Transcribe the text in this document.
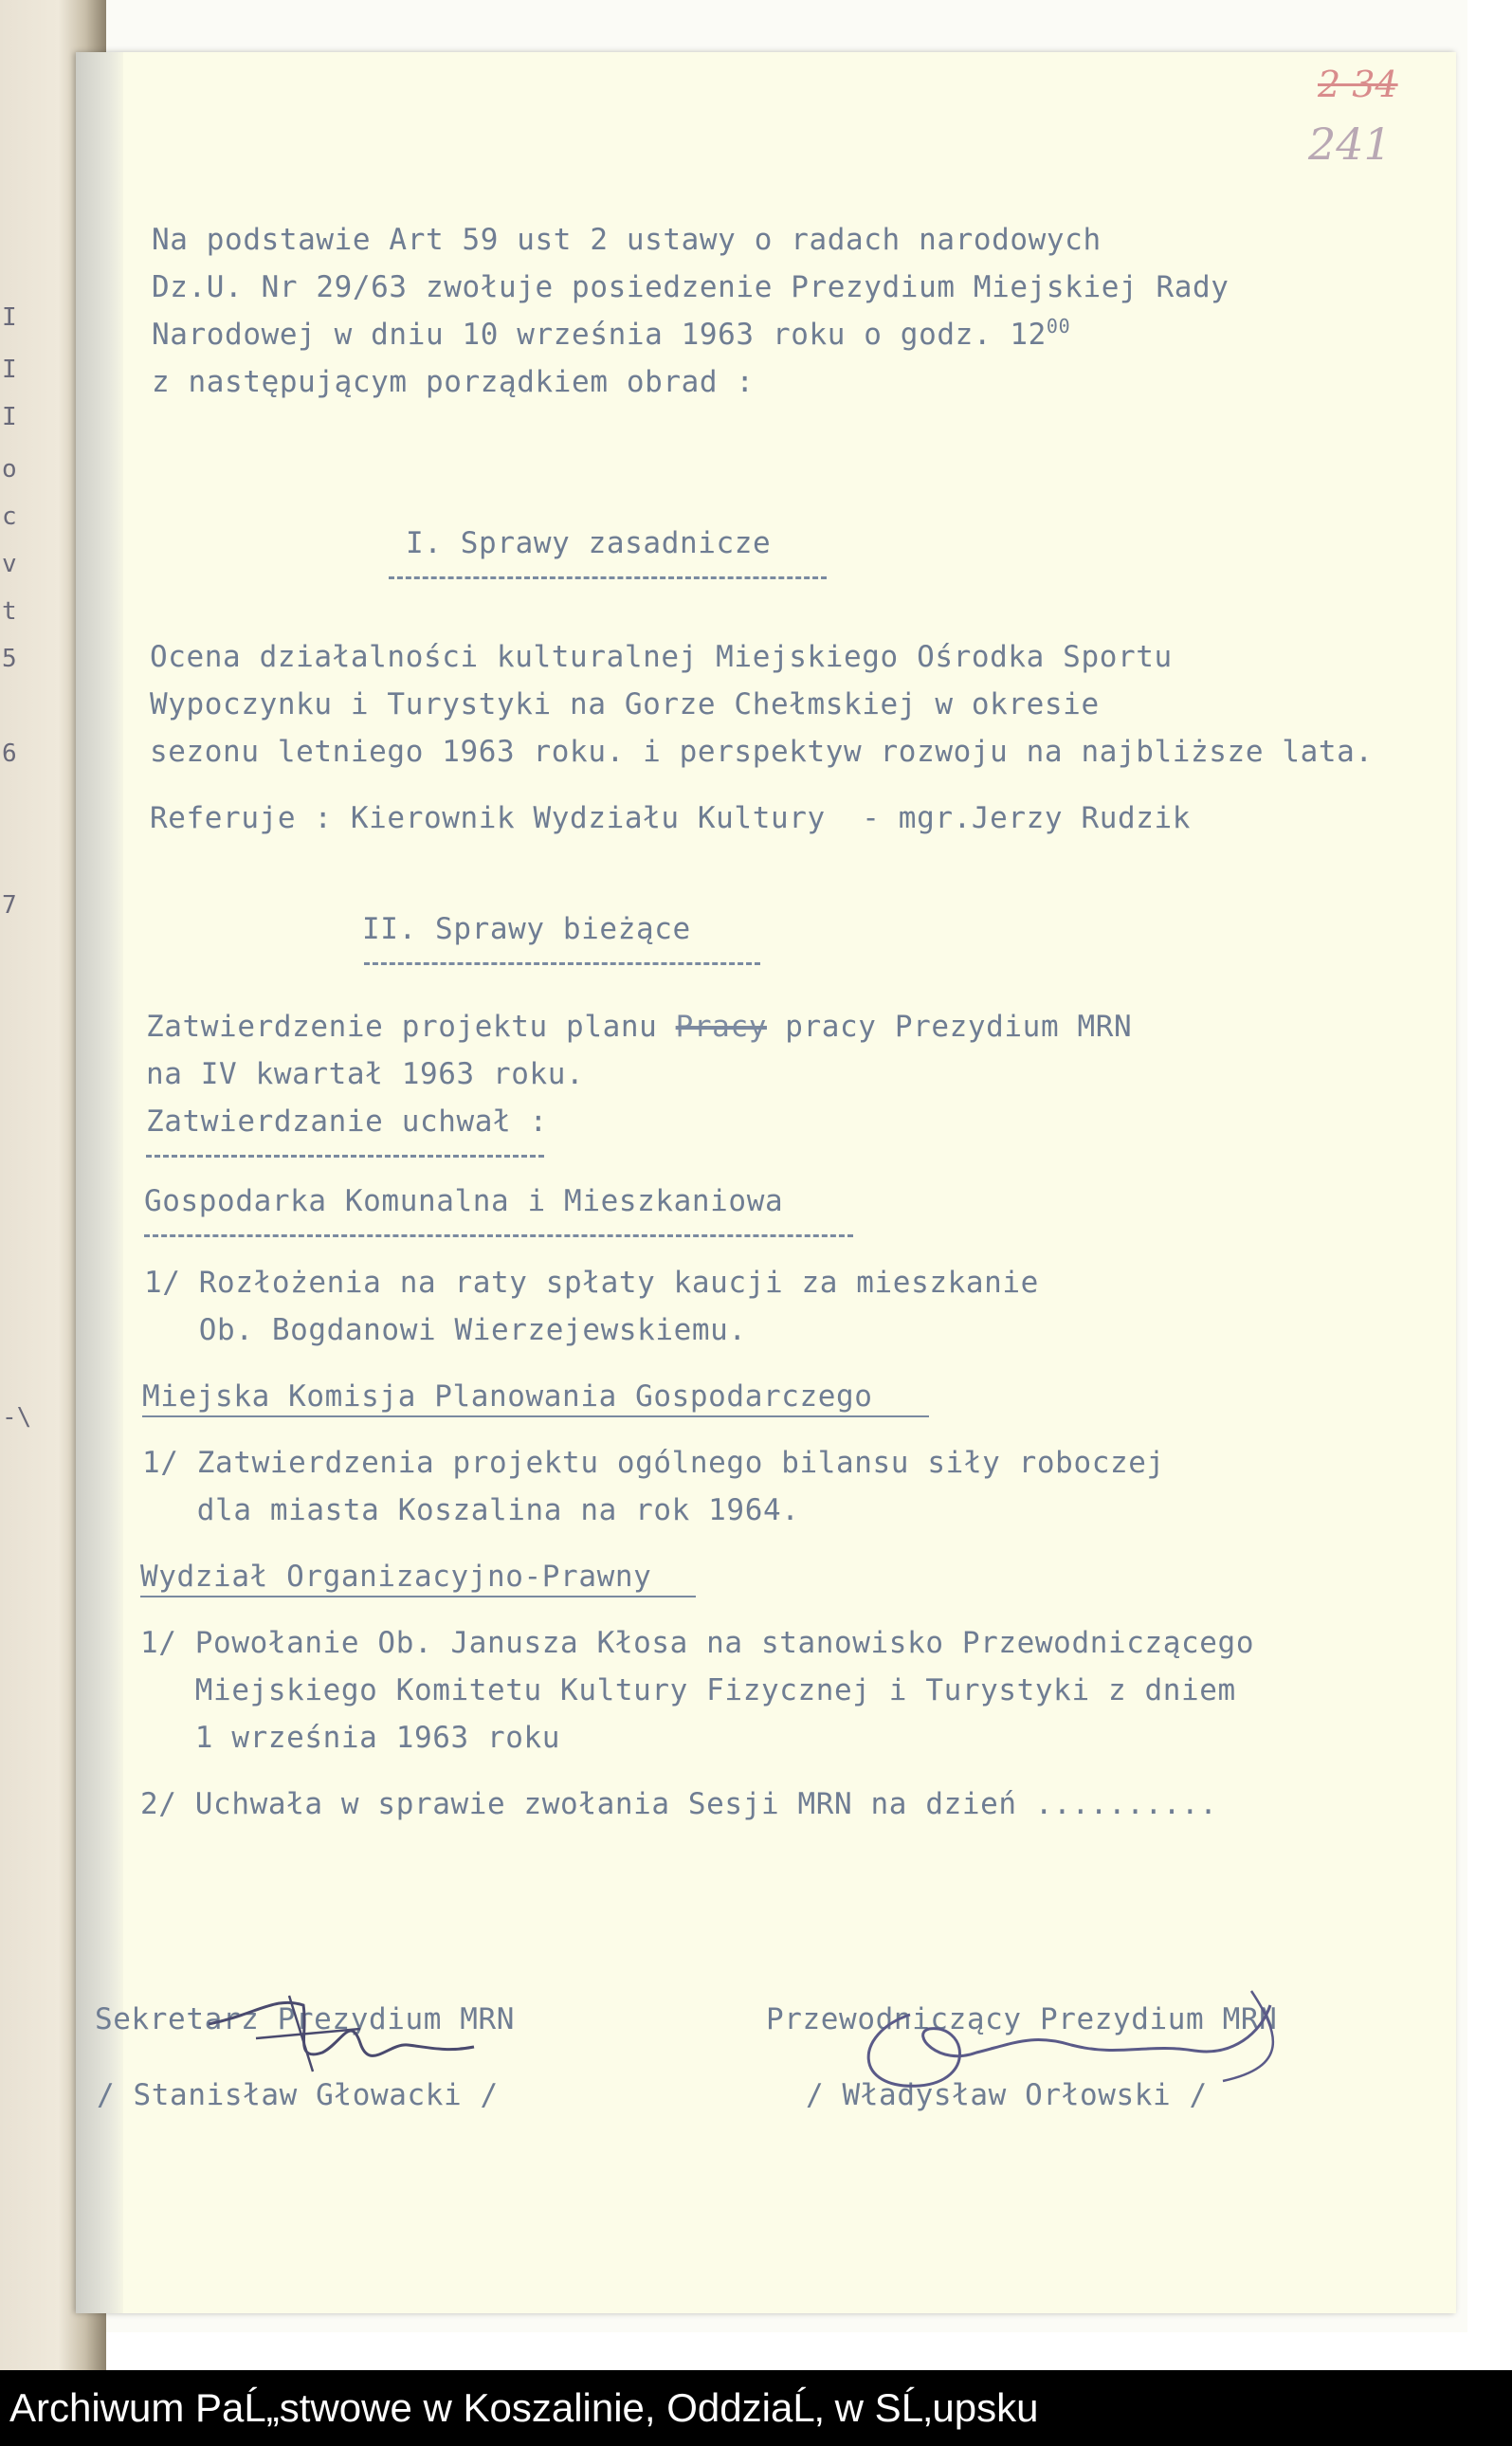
I
I
I
o
c
v
t
5
6
7
-\
2 34
241
Na podstawie Art 59 ust 2 ustawy o radach narodowych
Dz.U. Nr 29/63 zwołuje posiedzenie Prezydium Miejskiej Rady
Narodowej w dniu 10 września 1963 roku o godz. $12^{00}$
z następującym porządkiem obrad :
I. Sprawy zasadnicze
Ocena działalności kulturalnej Miejskiego Ośrodka Sportu
Wypoczynku i Turystyki na Gorze Chełmskiej w okresie
sezonu letniego 1963 roku. i perspektyw rozwoju na najbliższe lata.
Referuje : Kierownik Wydziału Kultury  - mgr.Jerzy Rudzik
II. Sprawy bieżące
Zatwierdzenie projektu planu Pracy pracy Prezydium MRN
na IV kwartał 1963 roku.
Zatwierdzanie uchwał :
Gospodarka Komunalna i Mieszkaniowa
1/ Rozłożenia na raty spłaty kaucji za mieszkanie
Ob. Bogdanowi Wierzejewskiemu.
Miejska Komisja Planowania Gospodarczego
1/ Zatwierdzenia projektu ogólnego bilansu siły roboczej
dla miasta Koszalina na rok 1964.
Wydział Organizacyjno-Prawny
1/ Powołanie Ob. Janusza Kłosa na stanowisko Przewodniczącego
Miejskiego Komitetu Kultury Fizycznej i Turystyki z dniem
1 września 1963 roku
2/ Uchwała w sprawie zwołania Sesji MRN na dzień ..........
Sekretarz Prezydium MRN
/ Stanisław Głowacki /
Przewodniczący Prezydium MRN
/ Władysław Orłowski /
Archiwum PaĹ„stwowe w Koszalinie, OddziaĹ‚ w SĹ‚upsku
